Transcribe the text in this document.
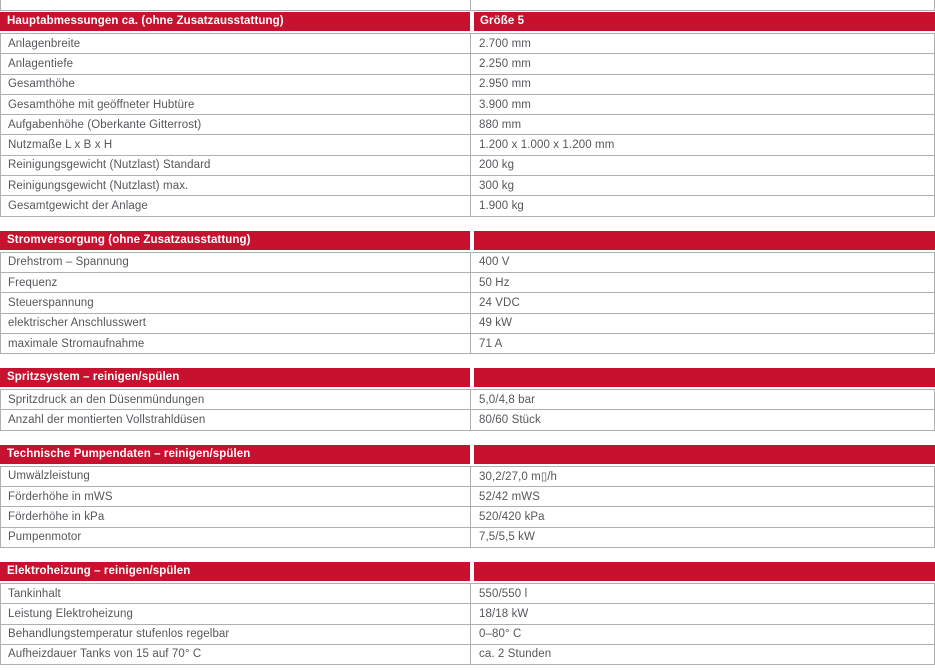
Hauptabmessungen ca. (ohne Zusatzausstattung)	Größe 5
Anlagenbreite	2.700 mm
Anlagentiefe	2.250 mm
Gesamthöhe	2.950 mm
Gesamthöhe mit geöffneter Hubtüre	3.900 mm
Aufgabenhöhe (Oberkante Gitterrost)	880 mm
Nutzmaße L x B x H	1.200 x 1.000 x 1.200 mm
Reinigungsgewicht (Nutzlast) Standard	200 kg
Reinigungsgewicht (Nutzlast) max.	300 kg
Gesamtgewicht der Anlage	1.900 kg
Stromversorgung (ohne Zusatzausstattung)
Drehstrom – Spannung	400 V
Frequenz	50 Hz
Steuerspannung	24 VDC
elektrischer Anschlusswert	49 kW
maximale Stromaufnahme	71 A
Spritzsystem – reinigen/spülen
Spritzdruck an den Düsenmündungen	5,0/4,8 bar
Anzahl der montierten Vollstrahldüsen	80/60 Stück
Technische Pumpendaten – reinigen/spülen
Umwälzleistung	30,2/27,0 m▯/h
Förderhöhe in mWS	52/42 mWS
Förderhöhe in kPa	520/420 kPa
Pumpenmotor	7,5/5,5 kW
Elektroheizung – reinigen/spülen
Tankinhalt	550/550 l
Leistung Elektroheizung	18/18 kW
Behandlungstemperatur stufenlos regelbar	0–80° C
Aufheizdauer Tanks von 15 auf 70° C	ca. 2 Stunden
